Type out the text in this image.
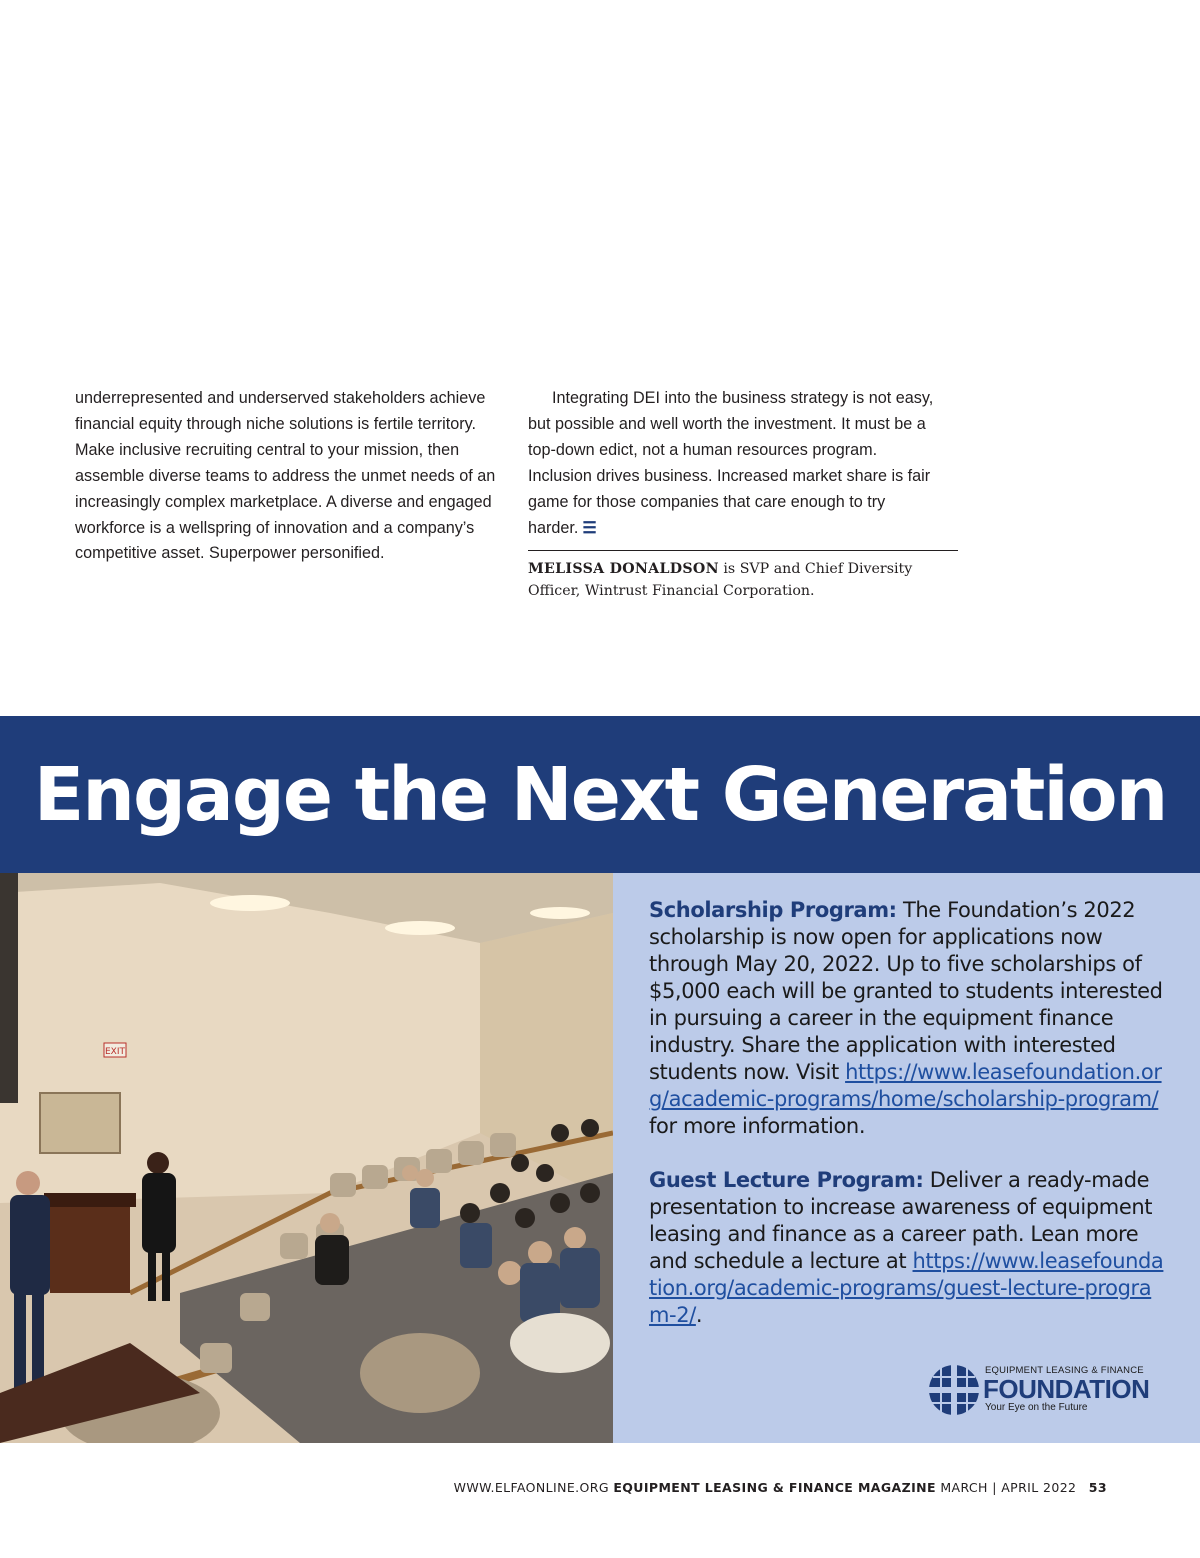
underrepresented and underserved stakeholders achieve financial equity through niche solutions is fertile territory. Make inclusive recruiting central to your mission, then assemble diverse teams to address the unmet needs of an increasingly complex marketplace. A diverse and engaged workforce is a wellspring of innovation and a company’s competitive asset. Superpower personified.

Integrating DEI into the business strategy is not easy, but possible and well worth the investment. It must be a top-down edict, not a human resources program. Inclusion drives business. Increased market share is fair game for those companies that care enough to try harder. ☰

MELISSA DONALDSON is SVP and Chief Diversity Officer, Wintrust Financial Corporation.
Engage the Next Generation
EXIT

Scholarship Program: The Foundation’s 2022 scholarship is now open for applications now through May 20, 2022. Up to five scholarships of $5,000 each will be granted to students interested in pursuing a career in the equipment finance industry. Share the application with interested students now. Visit https://www.leasefoundation.org/academic-programs/home/scholarship-program/ for more information.

Guest Lecture Program: Deliver a ready-made presentation to increase awareness of equipment leasing and finance as a career path. Lean more and schedule a lecture at https://www.leasefoundation.org/academic-programs/guest-lecture-program-2/.

EQUIPMENT LEASING & FINANCE
FOUNDATION
Your Eye on the Future
WWW.ELFAONLINE.ORG EQUIPMENT LEASING & FINANCE MAGAZINE MARCH | APRIL 2022 53
